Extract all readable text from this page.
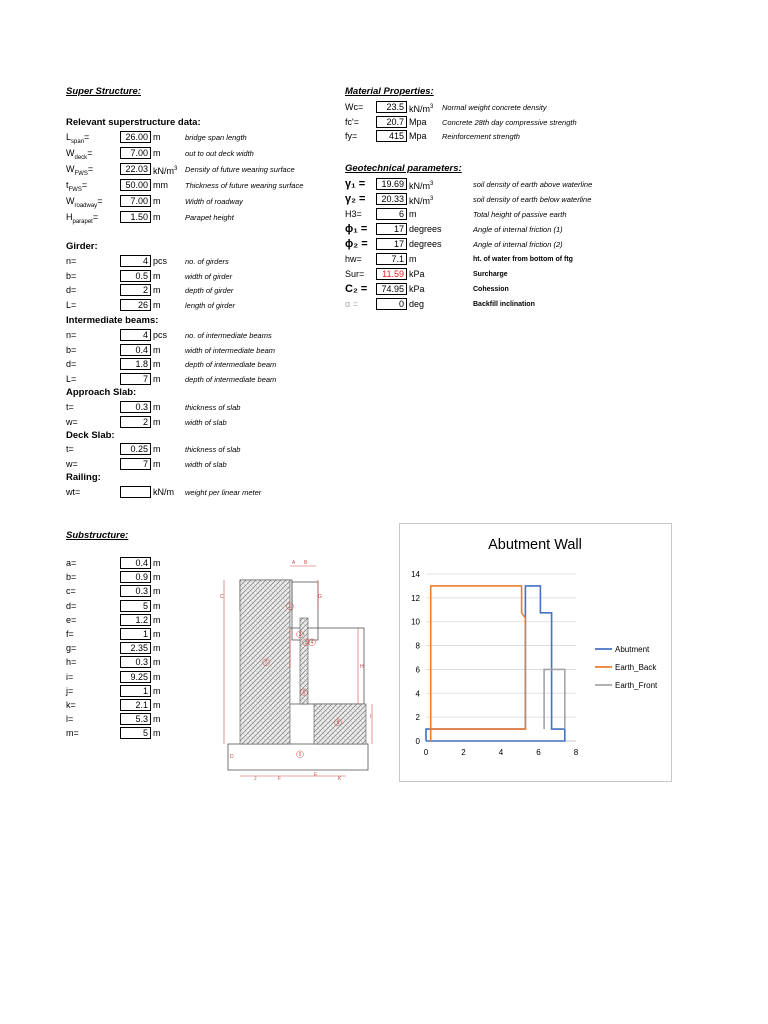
Super Structure:
Relevant superstructure data:
$L_{span}=$	26.00 m	bridge span length
$W_{deck}=$	7.00 m	out to out deck width
$W_{FWS}=$	22.03 $kN/m^3$ Density of future wearing surface
$t_{FWS}=$	50.00 mm Thickness of future wearing surface
$W_{roadway}=$	7.00 m	Width of roadway
$H_{parapet}=$	1.50 m	Parapet height
Girder:
n=	4 pcs no. of girders
b=	0.5 m	width of girder
d=	2 m	depth of girder
L=	26 m	length of girder
Intermediate beams:
n=	4 pcs no. of intermediate beams
b=	0.4 m	width of intermediate beam
d=	1.8 m	depth of intermediate beam
L=	7 m	depth of intermediate beam
Approach Slab:
t=	0.3 m	thickness of slab
w=	2 m	width of slab
Deck Slab:
t=	0.25 m	thickness of slab
w=	7 m	width of slab
Railing:
wt=	kN/m weight per linear meter
Material Properties:
Wc=	23.5 $kN/m^3$ Normal weight concrete density
fc'=	20.7 Mpa Concrete 28th day compressive strength
fy=	415 Mpa Reinforcement strength
Geotechnical parameters:
γ₁ =	19.69 $kN/m^3$	soil density of earth above waterline
γ₂ =	20.33 $kN/m^3$	soil density of earth below waterline
H3=	6 m	Total height of passive earth
ϕ₁ =	17 degrees	Angle of internal friction (1)
ϕ₂ =	17 degrees	Angle of internal friction (2)
hw=	7.1 m	ht. of water from bottom of ftg
Sur=	11.59 kPa	Surcharge
C₂ =	74.95 kPa	Cohession
α =	0 deg	Backfill inclination
Substructure:
a=	0.4 m
b=	0.9 m
c=	0.3 m
d=	5 m
e=	1.2 m
f=	1 m
g=	2.35 m
h=	0.3 m
i=	9.25 m
j=	1 m
k=	2.1 m
l=	5.3 m
m=	5 m
A B
C
D
E
F
G
H
I
J	K
1
2
3 4
5
6
7
8
Abutment Wall
0
2
4
6
8
10
12
14
0	2	4	6	8
Abutment
Earth_Back
Earth_Front
